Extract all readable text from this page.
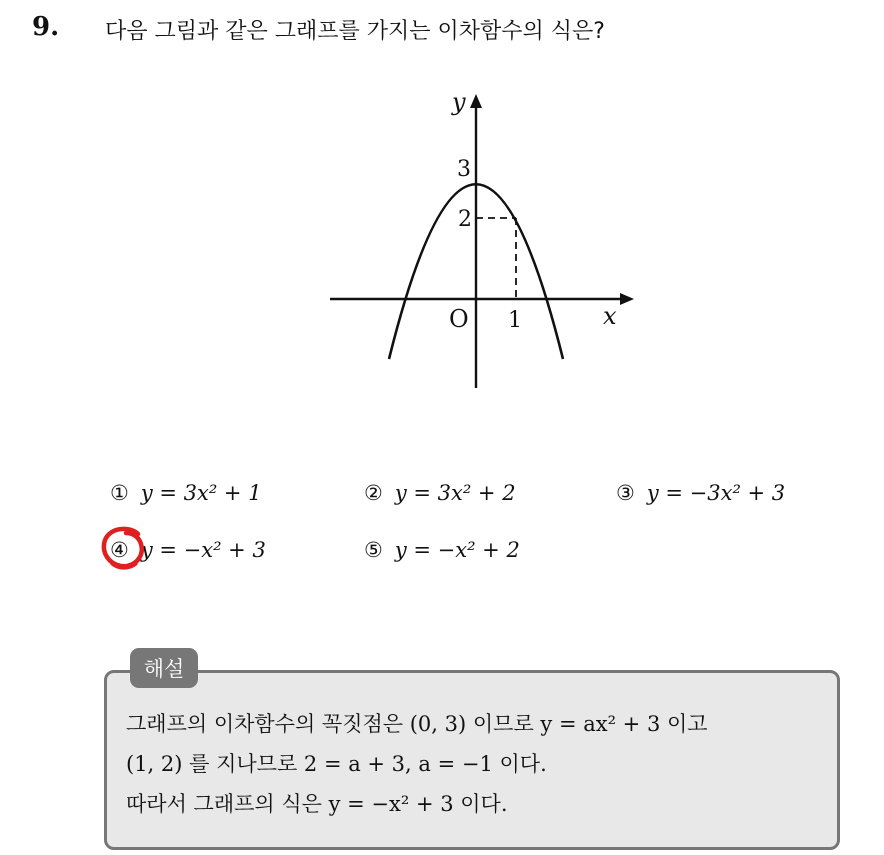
9. 다음 그림과 같은 그래프를 가지는 이차함수의 식은?
y
x
O
3
2
1
① y = 3x² + 1	② y = 3x² + 2	③ y = −3x² + 3
④ y = −x² + 3	⑤ y = −x² + 2
해설
그래프의 이차함수의 꼭짓점은 (0, 3) 이므로 y = ax² + 3 이고
(1, 2) 를 지나므로 2 = a + 3, a = −1 이다.
따라서 그래프의 식은 y = −x² + 3 이다.
